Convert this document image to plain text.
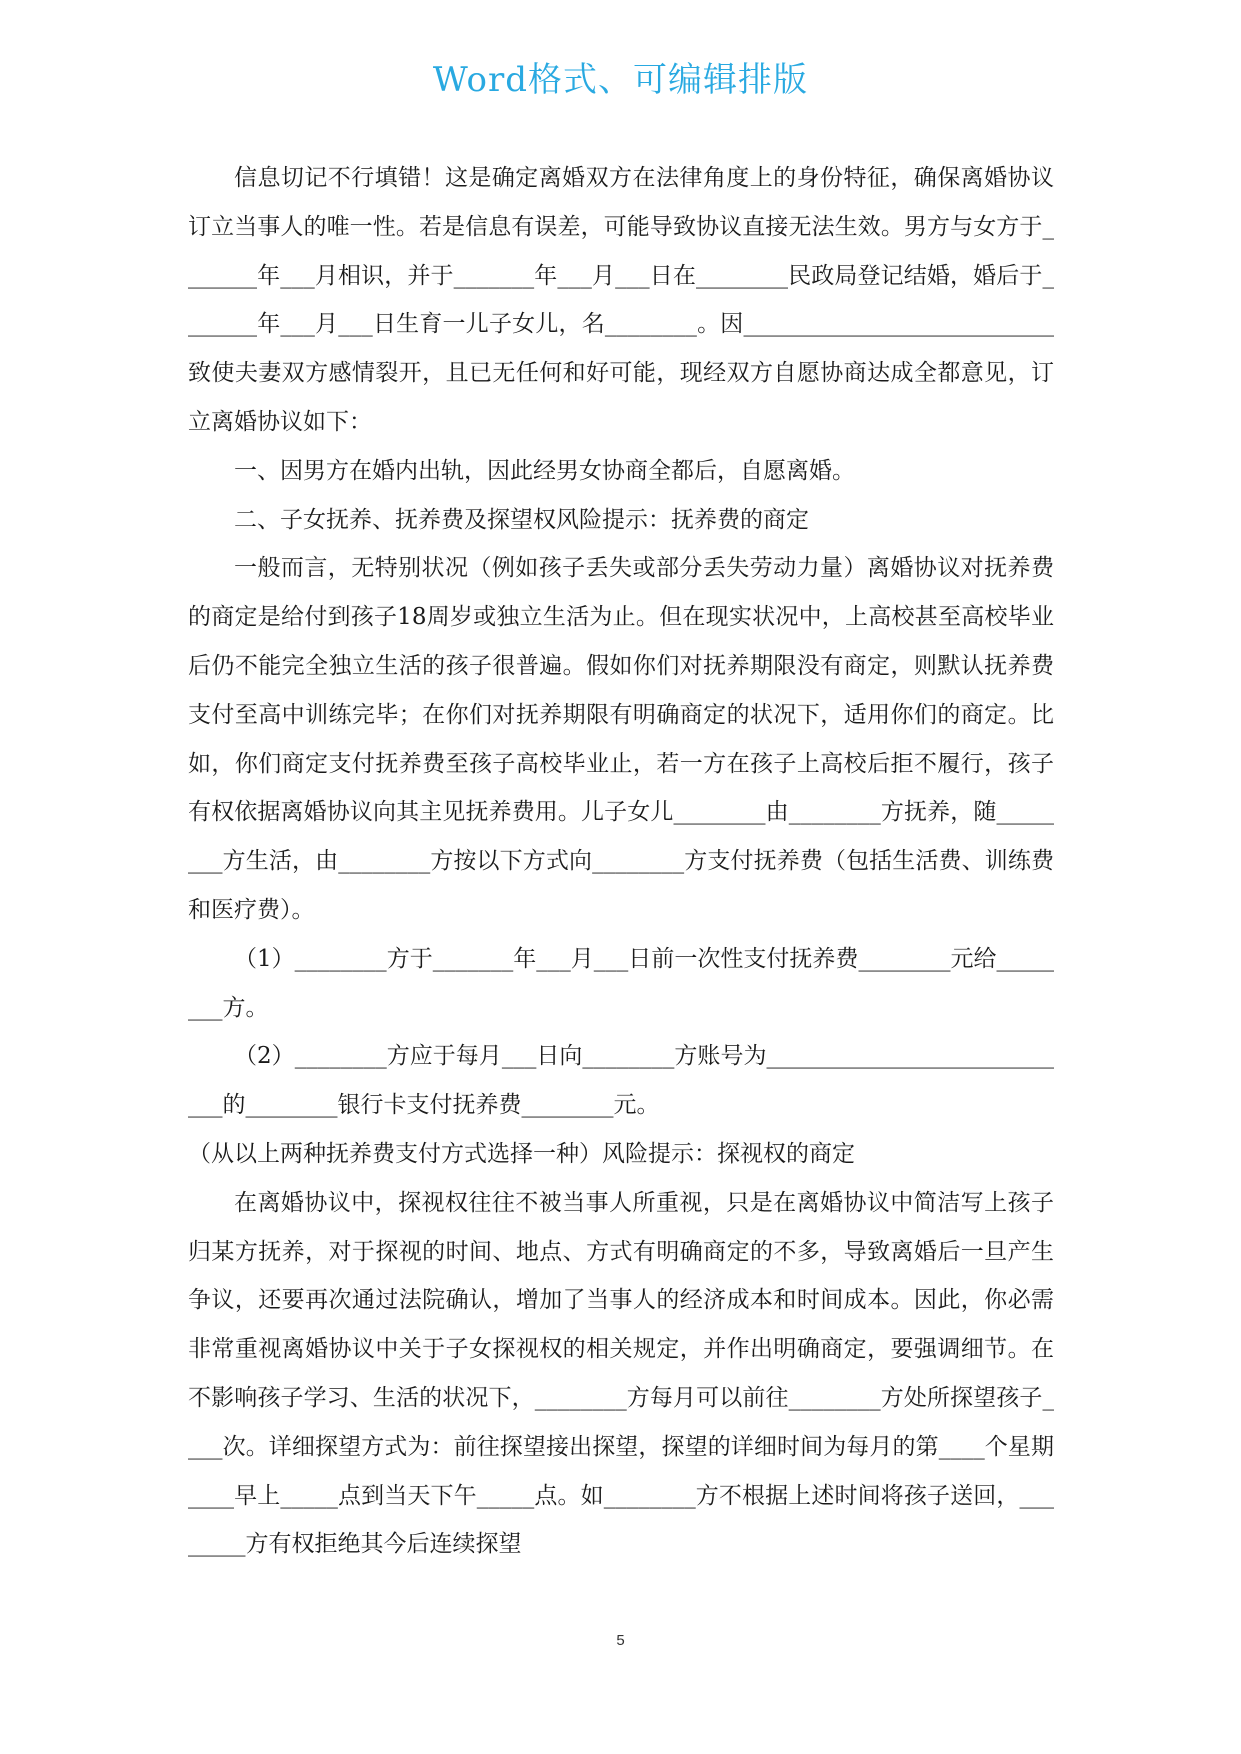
Word格式、可编辑排版

信息切记不行填错！这是确定离婚双方在法律角度上的身份特征，确保离婚协议订立当事人的唯一性。若是信息有误差，可能导致协议直接无法生效。男方与女方于_______年___月相识，并于_______年___月___日在________民政局登记结婚，婚后于_______年___月___日生育一儿子女儿，名________。因___________________________致使夫妻双方感情裂开，且已无任何和好可能，现经双方自愿协商达成全都意见，订立离婚协议如下：

一、因男方在婚内出轨，因此经男女协商全都后，自愿离婚。

二、子女抚养、抚养费及探望权风险提示：抚养费的商定

一般而言，无特别状况（例如孩子丢失或部分丢失劳动力量）离婚协议对抚养费的商定是给付到孩子18周岁或独立生活为止。但在现实状况中，上高校甚至高校毕业后仍不能完全独立生活的孩子很普遍。假如你们对抚养期限没有商定，则默认抚养费支付至高中训练完毕；在你们对抚养期限有明确商定的状况下，适用你们的商定。比如，你们商定支付抚养费至孩子高校毕业止，若一方在孩子上高校后拒不履行，孩子有权依据离婚协议向其主见抚养费用。儿子女儿________由________方抚养，随________方生活，由________方按以下方式向________方支付抚养费（包括生活费、训练费和医疗费）。

（1）________方于_______年___月___日前一次性支付抚养费________元给________方。

（2）________方应于每月___日向________方账号为____________________________的________银行卡支付抚养费________元。

（从以上两种抚养费支付方式选择一种）风险提示：探视权的商定

在离婚协议中，探视权往往不被当事人所重视，只是在离婚协议中简洁写上孩子归某方抚养，对于探视的时间、地点、方式有明确商定的不多，导致离婚后一旦产生争议，还要再次通过法院确认，增加了当事人的经济成本和时间成本。因此，你必需非常重视离婚协议中关于子女探视权的相关规定，并作出明确商定，要强调细节。在不影响孩子学习、生活的状况下，________方每月可以前往________方处所探望孩子____次。详细探望方式为：前往探望接出探望，探望的详细时间为每月的第____个星期____早上_____点到当天下午_____点。如________方不根据上述时间将孩子送回，________方有权拒绝其今后连续探望

5
